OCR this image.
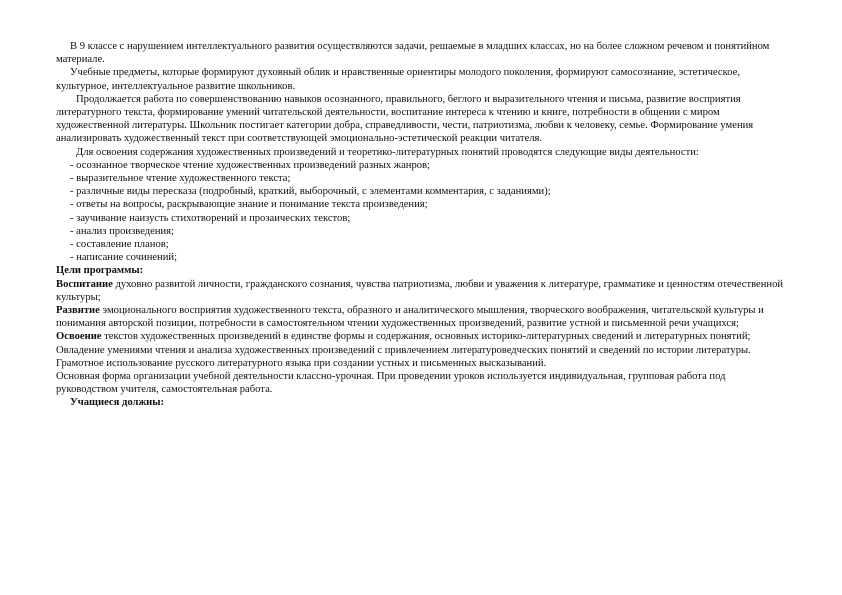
В 9 классе с нарушением интеллектуального развития осуществляются задачи, решаемые в младших классах, но на более сложном речевом и понятийном материале.

Учебные предметы, которые формируют духовный облик и нравственные ориентиры молодого поколения, формируют самосознание, эстетическое, культурное, интеллектуальное развитие школьников.

Продолжается работа по совершенствованию навыков осознанного, правильного, беглого и выразительного чтения и письма, развитие восприятия литературного текста, формирование умений читательской деятельности, воспитание интереса к чтению и книге, потребности в общении с миром художественной литературы. Школьник постигает категории добра, справедливости, чести, патриотизма, любви к человеку, семье. Формирование умения анализировать художественный текст при соответствующей эмоционально-эстетической реакции читателя.

Для освоения содержания художественных произведений и теоретико-литературных понятий проводятся следующие виды деятельности:

- осознанное творческое чтение художественных произведений разных жанров;

- выразительное чтение художественного текста;

- различные виды пересказа (подробный, краткий, выборочный, с элементами комментария, с заданиями);

- ответы на вопросы, раскрывающие знание и понимание текста произведения;

- заучивание наизусть стихотворений и прозаических текстов;

- анализ произведения;

- составление планов;

- написание сочинений;

Цели программы:

Воспитание духовно развитой личности, гражданского сознания, чувства патриотизма, любви и уважения к литературе, грамматике и ценностям отечественной культуры;

Развитие эмоционального восприятия художественного текста, образного и аналитического мышления, творческого воображения, читательской культуры и понимания авторской позиции, потребности в самостоятельном чтении художественных произведений, развитие устной и письменной речи учащихся;

Освоение текстов художественных произведений в единстве формы и содержания, основных историко-литературных сведений и литературных понятий;

Овладение умениями чтения и анализа художественных произведений с привлечением литературоведческих понятий и сведений по истории литературы. Грамотное использование русского литературного языка при создании устных и письменных высказываний.

Основная форма организации учебной деятельности классно-урочная. При проведении уроков используется индивидуальная, групповая работа под руководством учителя, самостоятельная работа.

Учащиеся должны:
